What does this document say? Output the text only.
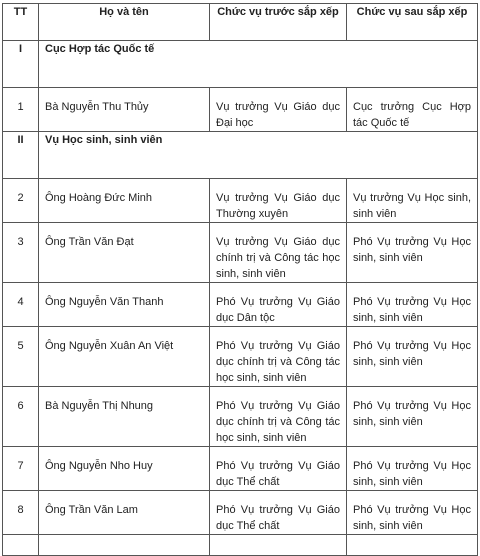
TT	Họ và tên	Chức vụ trước sắp xếp	Chức vụ sau sắp xếp
I	Cục Hợp tác Quốc tế		
1	Bà Nguyễn Thu Thủy	Vụ trưởng Vụ Giáo dục Đại học	Cục trưởng Cục Hợp tác Quốc tế
II	Vụ Học sinh, sinh viên		
2	Ông Hoàng Đức Minh	Vụ trưởng Vụ Giáo dục Thường xuyên	Vụ trưởng Vụ Học sinh, sinh viên
3	Ông Trần Văn Đạt	Vụ trưởng Vụ Giáo dục chính trị và Công tác học sinh, sinh viên	Phó Vụ trưởng Vụ Học sinh, sinh viên
4	Ông Nguyễn Văn Thanh	Phó Vụ trưởng Vụ Giáo dục Dân tộc	Phó Vụ trưởng Vụ Học sinh, sinh viên
5	Ông Nguyễn Xuân An Việt	Phó Vụ trưởng Vụ Giáo dục chính trị và Công tác học sinh, sinh viên	Phó Vụ trưởng Vụ Học sinh, sinh viên
6	Bà Nguyễn Thị Nhung	Phó Vụ trưởng Vụ Giáo dục chính trị và Công tác học sinh, sinh viên	Phó Vụ trưởng Vụ Học sinh, sinh viên
7	Ông Nguyễn Nho Huy	Phó Vụ trưởng Vụ Giáo dục Thể chất	Phó Vụ trưởng Vụ Học sinh, sinh viên
8	Ông Trần Văn Lam	Phó Vụ trưởng Vụ Giáo dục Thể chất	Phó Vụ trưởng Vụ Học sinh, sinh viên
